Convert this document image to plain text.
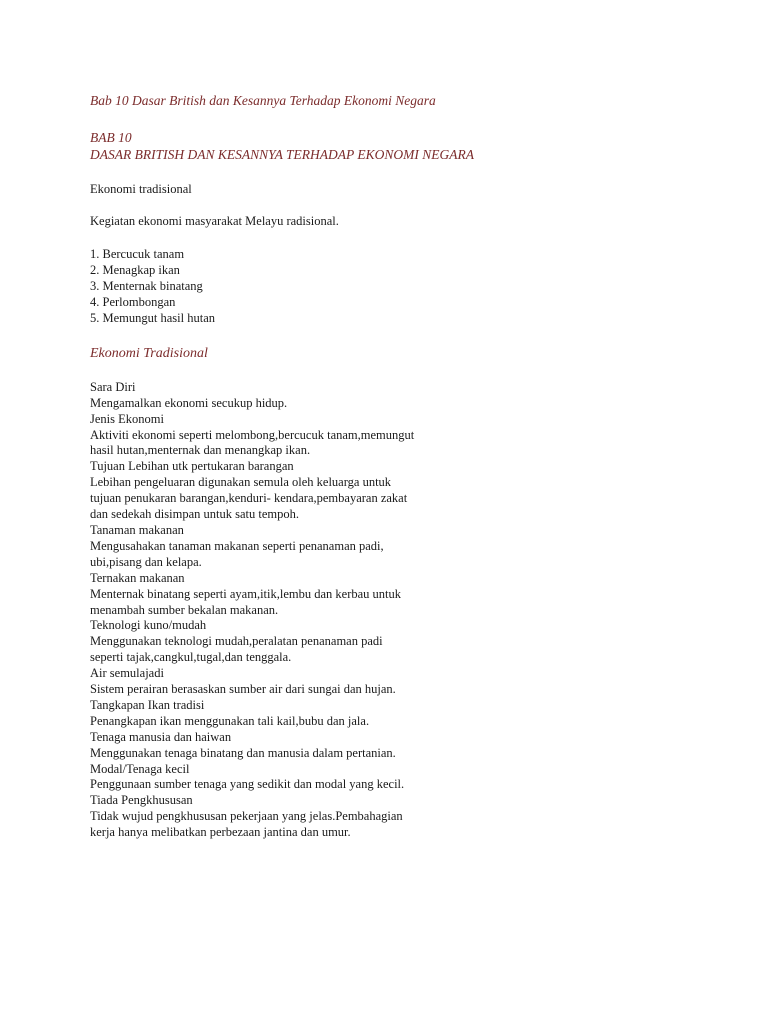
Bab 10 Dasar British dan Kesannya Terhadap Ekonomi Negara

BAB 10

DASAR BRITISH DAN KESANNYA TERHADAP EKONOMI NEGARA

Ekonomi tradisional

Kegiatan ekonomi masyarakat Melayu radisional.

1. Bercucuk tanam
2. Menagkap ikan
3. Menternak binatang
4. Perlombongan
5. Memungut hasil hutan

Ekonomi Tradisional

Sara Diri

Mengamalkan ekonomi secukup hidup.

Jenis Ekonomi

Aktiviti ekonomi seperti melombong,bercucuk tanam,memungut

hasil hutan,menternak dan menangkap ikan.

Tujuan Lebihan utk pertukaran barangan

Lebihan pengeluaran digunakan semula oleh keluarga untuk

tujuan penukaran barangan,kenduri- kendara,pembayaran zakat

dan sedekah disimpan untuk satu tempoh.

Tanaman makanan

Mengusahakan tanaman makanan seperti penanaman padi,

ubi,pisang dan kelapa.

Ternakan makanan

Menternak binatang seperti ayam,itik,lembu dan kerbau untuk

menambah sumber bekalan makanan.

Teknologi kuno/mudah

Menggunakan teknologi mudah,peralatan penanaman padi

seperti tajak,cangkul,tugal,dan tenggala.

Air semulajadi

Sistem perairan berasaskan sumber air dari sungai dan hujan.

Tangkapan Ikan tradisi

Penangkapan ikan menggunakan tali kail,bubu dan jala.

Tenaga manusia dan haiwan

Menggunakan tenaga binatang dan manusia dalam pertanian.

Modal/Tenaga kecil

Penggunaan sumber tenaga yang sedikit dan modal yang kecil.

Tiada Pengkhususan

Tidak wujud pengkhususan pekerjaan yang jelas.Pembahagian

kerja hanya melibatkan perbezaan jantina dan umur.
